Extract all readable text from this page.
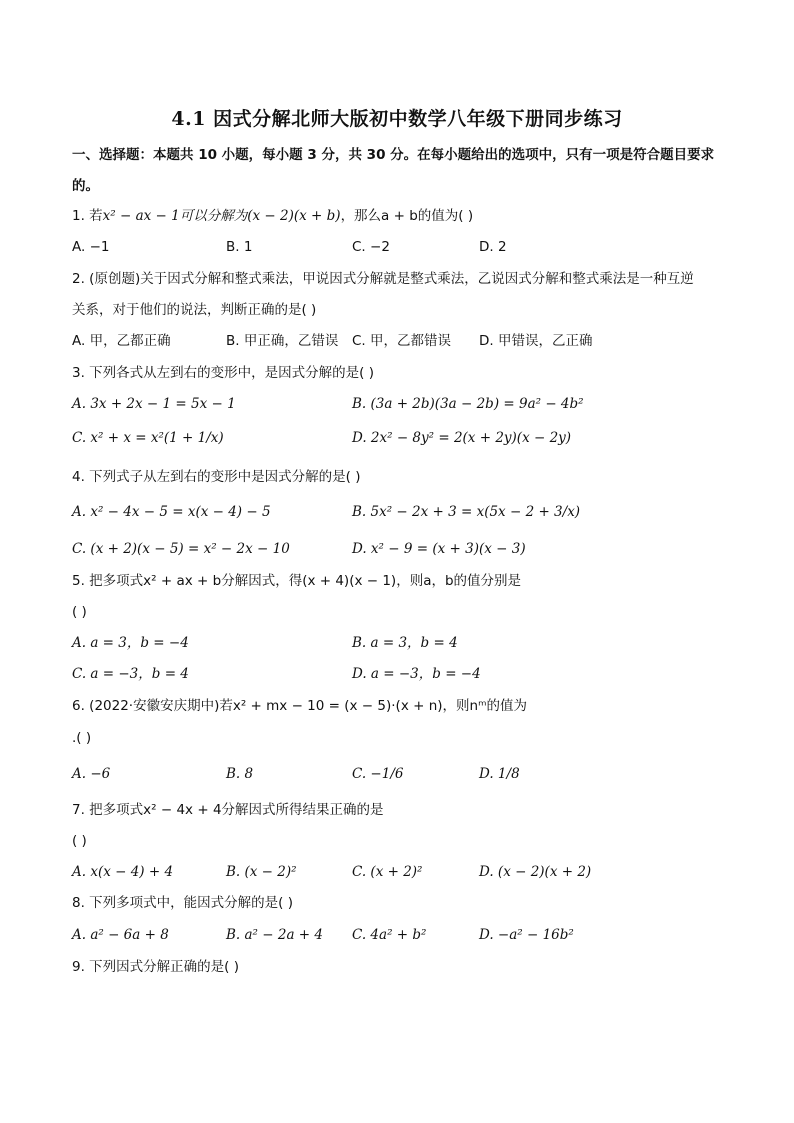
4.1 因式分解北师大版初中数学八年级下册同步练习
一、选择题：本题共 10 小题，每小题 3 分，共 30 分。在每小题给出的选项中，只有一项是符合题目要求
的。
1. 若x² − ax − 1可以分解为(x − 2)(x + b)，那么a + b的值为( )
A. −1	B. 1	C. −2	D. 2
2. (原创题)关于因式分解和整式乘法，甲说因式分解就是整式乘法，乙说因式分解和整式乘法是一种互逆
关系，对于他们的说法，判断正确的是( )
A. 甲，乙都正确	B. 甲正确，乙错误 C. 甲，乙都错误 D. 甲错误，乙正确
3. 下列各式从左到右的变形中，是因式分解的是( )
A. 3x + 2x − 1 = 5x − 1	B. (3a + 2b)(3a − 2b) = 9a² − 4b²
C. x² + x = x²(1 + 1/x)	D. 2x² − 8y² = 2(x + 2y)(x − 2y)
4. 下列式子从左到右的变形中是因式分解的是( )
A. x² − 4x − 5 = x(x − 4) − 5	B. 5x² − 2x + 3 = x(5x − 2 + 3/x)
C. (x + 2)(x − 5) = x² − 2x − 10	D. x² − 9 = (x + 3)(x − 3)
5. 把多项式x² + ax + b分解因式，得(x + 4)(x − 1)，则a，b的值分别是
( )
A. a = 3，b = −4	B. a = 3，b = 4
C. a = −3，b = 4	D. a = −3，b = −4
6. (2022·安徽安庆期中)若x² + mx − 10 = (x − 5)·(x + n)，则nᵐ的值为
.( )
A. −6	B. 8	C. −1/6	D. 1/8
7. 把多项式x² − 4x + 4分解因式所得结果正确的是
( )
A. x(x − 4) + 4	B. (x − 2)²	C. (x + 2)²	D. (x − 2)(x + 2)
8. 下列多项式中，能因式分解的是( )
A. a² − 6a + 8	B. a² − 2a + 4 C. 4a² + b²	D. −a² − 16b²
9. 下列因式分解正确的是( )
